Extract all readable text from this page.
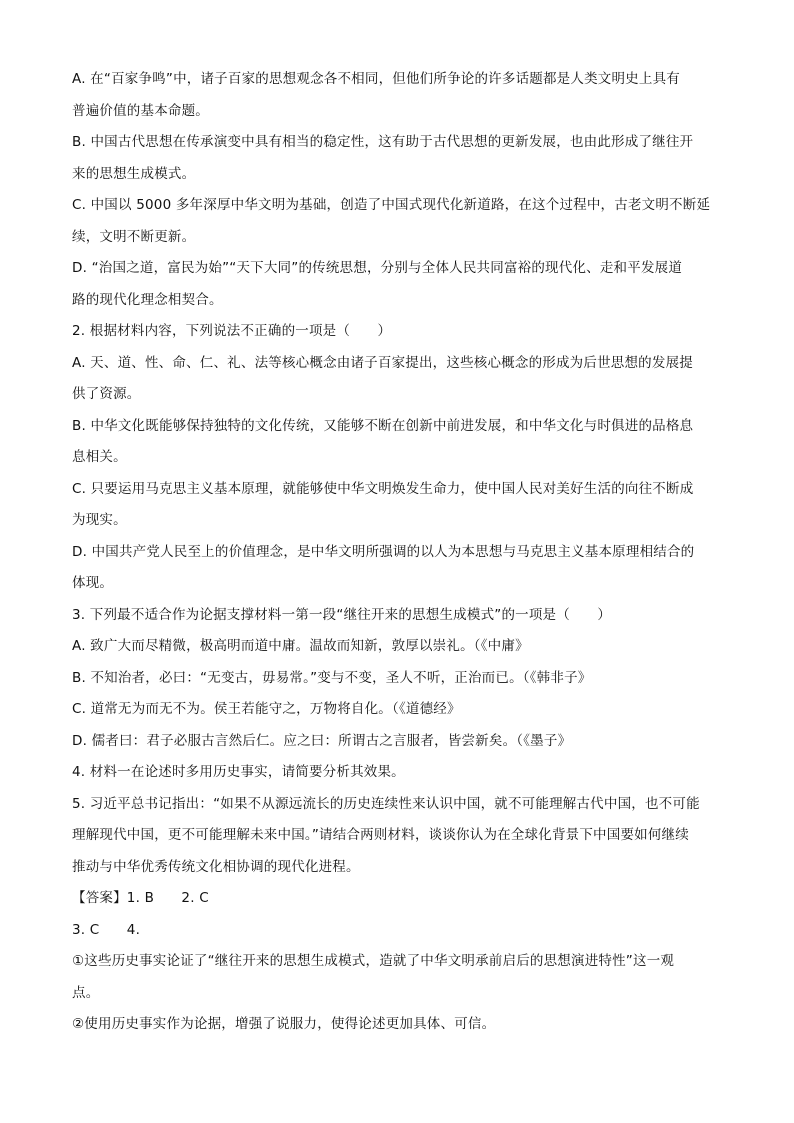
A. 在“百家争鸣”中，诸子百家的思想观念各不相同，但他们所争论的许多话题都是人类文明史上具有
普遍价值的基本命题。
B. 中国古代思想在传承演变中具有相当的稳定性，这有助于古代思想的更新发展，也由此形成了继往开
来的思想生成模式。
C. 中国以 5000 多年深厚中华文明为基础，创造了中国式现代化新道路，在这个过程中，古老文明不断延
续，文明不断更新。
D. “治国之道，富民为始”“天下大同”的传统思想，分别与全体人民共同富裕的现代化、走和平发展道
路的现代化理念相契合。
2. 根据材料内容，下列说法不正确的一项是（　　）
A. 天、道、性、命、仁、礼、法等核心概念由诸子百家提出，这些核心概念的形成为后世思想的发展提
供了资源。
B. 中华文化既能够保持独特的文化传统，又能够不断在创新中前进发展，和中华文化与时俱进的品格息
息相关。
C. 只要运用马克思主义基本原理，就能够使中华文明焕发生命力，使中国人民对美好生活的向往不断成
为现实。
D. 中国共产党人民至上的价值理念，是中华文明所强调的以人为本思想与马克思主义基本原理相结合的
体现。
3. 下列最不适合作为论据支撑材料一第一段“继往开来的思想生成模式”的一项是（　　）
A. 致广大而尽精微，极高明而道中庸。温故而知新，敦厚以崇礼。（《中庸》
B. 不知治者，必曰：“无变古，毋易常。”变与不变，圣人不听，正治而已。（《韩非子》
C. 道常无为而无不为。侯王若能守之，万物将自化。（《道德经》
D. 儒者曰：君子必服古言然后仁。应之曰：所谓古之言服者，皆尝新矣。（《墨子》
4. 材料一在论述时多用历史事实，请简要分析其效果。
5. 习近平总书记指出：“如果不从源远流长的历史连续性来认识中国，就不可能理解古代中国，也不可能
理解现代中国，更不可能理解未来中国。”请结合两则材料，谈谈你认为在全球化背景下中国要如何继续
推动与中华优秀传统文化相协调的现代化进程。
【答案】1. B　　2. C
3. C　　4.
①这些历史事实论证了“继往开来的思想生成模式，造就了中华文明承前启后的思想演进特性”这一观
点。
②使用历史事实作为论据，增强了说服力，使得论述更加具体、可信。
